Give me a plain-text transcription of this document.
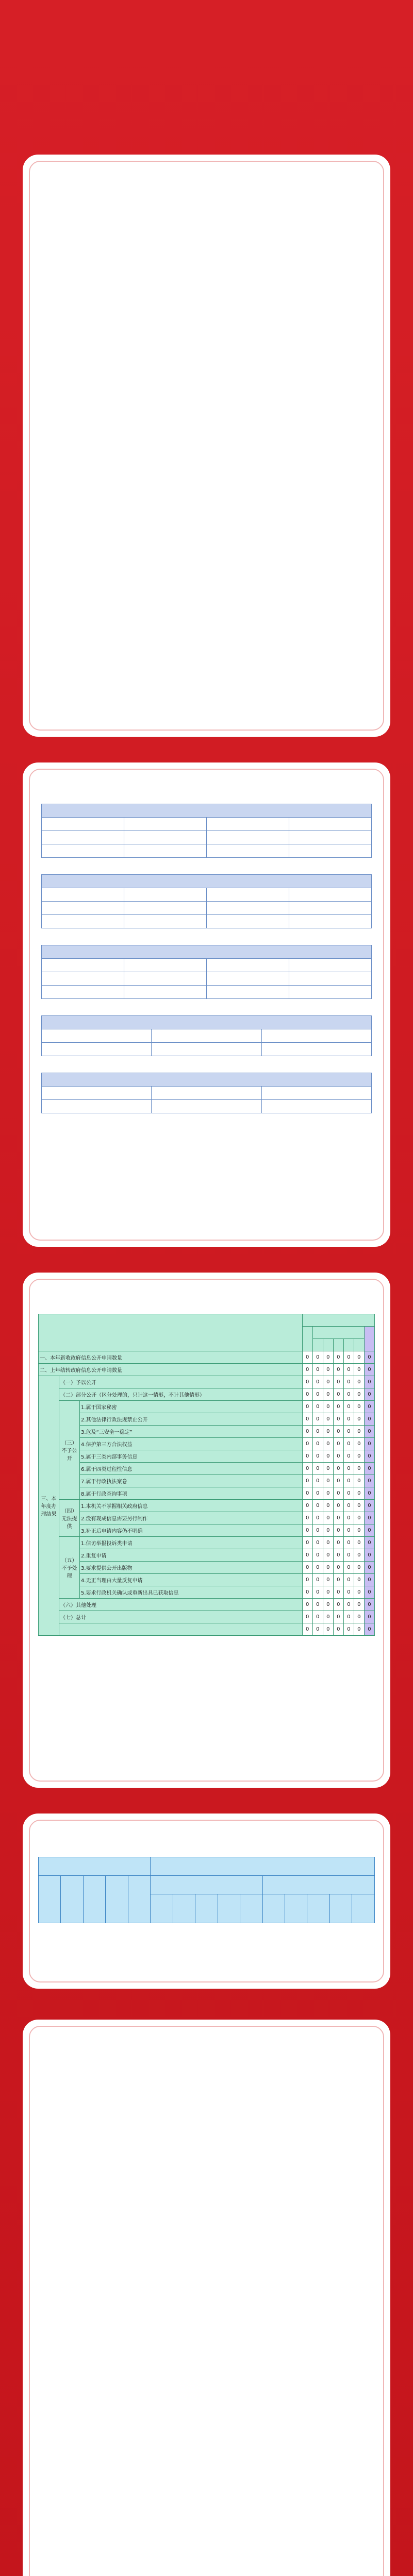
一、本年新收政府信息公开申请数量			0	0	0	0	0	0	0
二、上年结转政府信息公开申请数量			0	0	0	0	0	0	0
三、本年度办理结果	（一）予以公开		0	0	0	0	0	0	0
	（二）部分公开（区分处理的，只计这一情形，不计其他情形）		0	0	0	0	0	0	0
	（三）不予公开	1.属于国家秘密	0	0	0	0	0	0	0
		2.其他法律行政法规禁止公开	0	0	0	0	0	0	0
		3.危及“三安全一稳定”	0	0	0	0	0	0	0
		4.保护第三方合法权益	0	0	0	0	0	0	0
		5.属于三类内部事务信息	0	0	0	0	0	0	0
		6.属于四类过程性信息	0	0	0	0	0	0	0
		7.属于行政执法案卷	0	0	0	0	0	0	0
		8.属于行政查询事项	0	0	0	0	0	0	0
	（四）无法提供	1.本机关不掌握相关政府信息	0	0	0	0	0	0	0
		2.没有现成信息需要另行制作	0	0	0	0	0	0	0
		3.补正后申请内容仍不明确	0	0	0	0	0	0	0
	（五）不予处理	1.信访举报投诉类申请	0	0	0	0	0	0	0
		2.重复申请	0	0	0	0	0	0	0
		3.要求提供公开出版物	0	0	0	0	0	0	0
		4.无正当理由大量反复申请	0	0	0	0	0	0	0
		5.要求行政机关确认或重新出具已获取信息	0	0	0	0	0	0	0
	（六）其他处理		0	0	0	0	0	0	0
	（七）总计		0	0	0	0	0	0	0
			0	0	0	0	0	0	0
